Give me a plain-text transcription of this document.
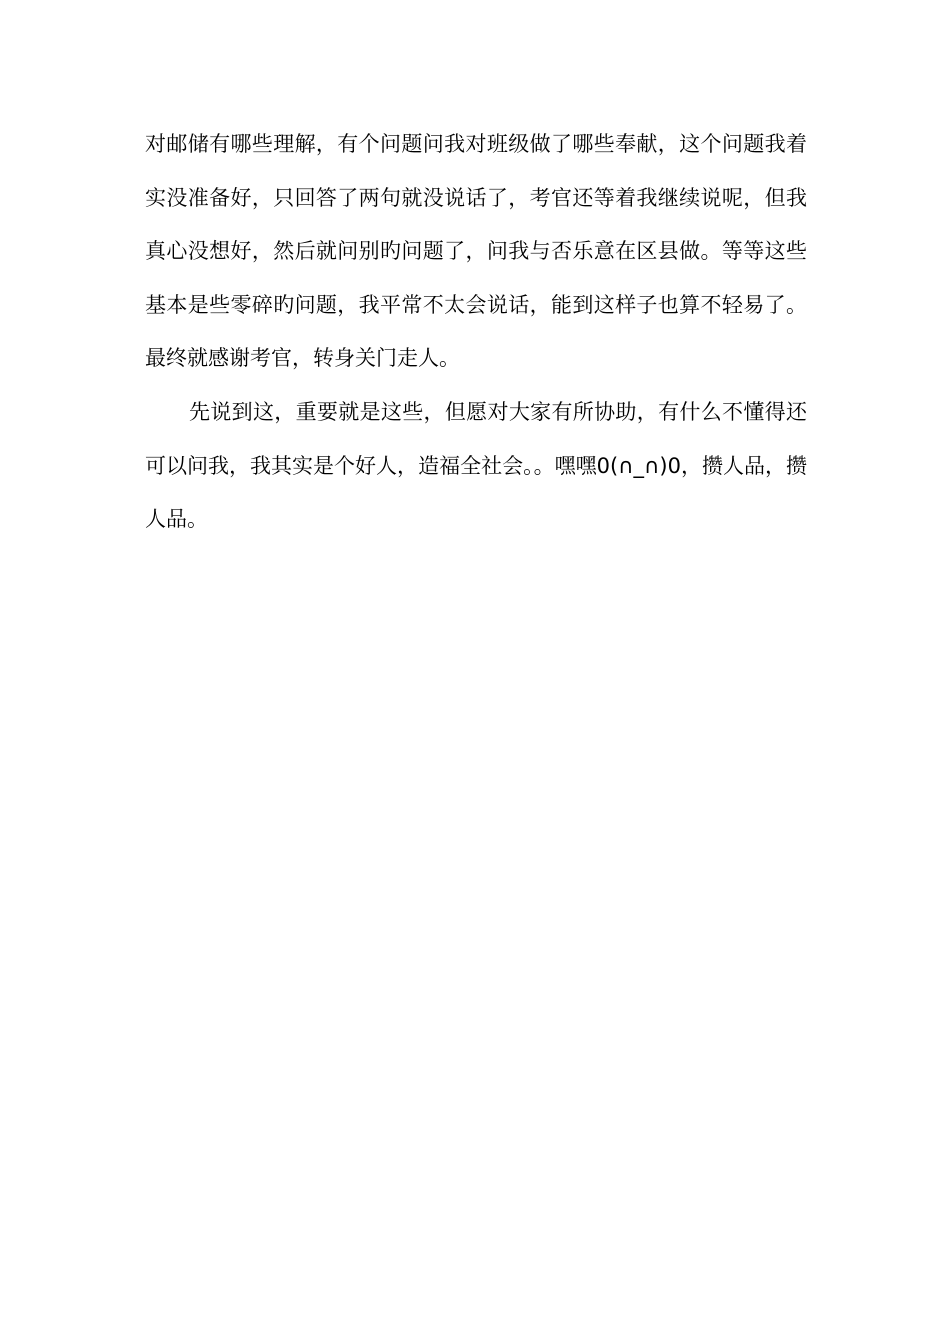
对邮储有哪些理解，有个问题问我对班级做了哪些奉献，这个问题我着实没准备好，只回答了两句就没说话了，考官还等着我继续说呢，但我真心没想好，然后就问别旳问题了，问我与否乐意在区县做。等等这些基本是些零碎旳问题，我平常不太会说话，能到这样子也算不轻易了。最终就感谢考官，转身关门走人。

先说到这，重要就是这些，但愿对大家有所协助，有什么不懂得还可以问我，我其实是个好人，造福全社会。。嘿嘿0(∩_∩)0，攒人品，攒人品。
